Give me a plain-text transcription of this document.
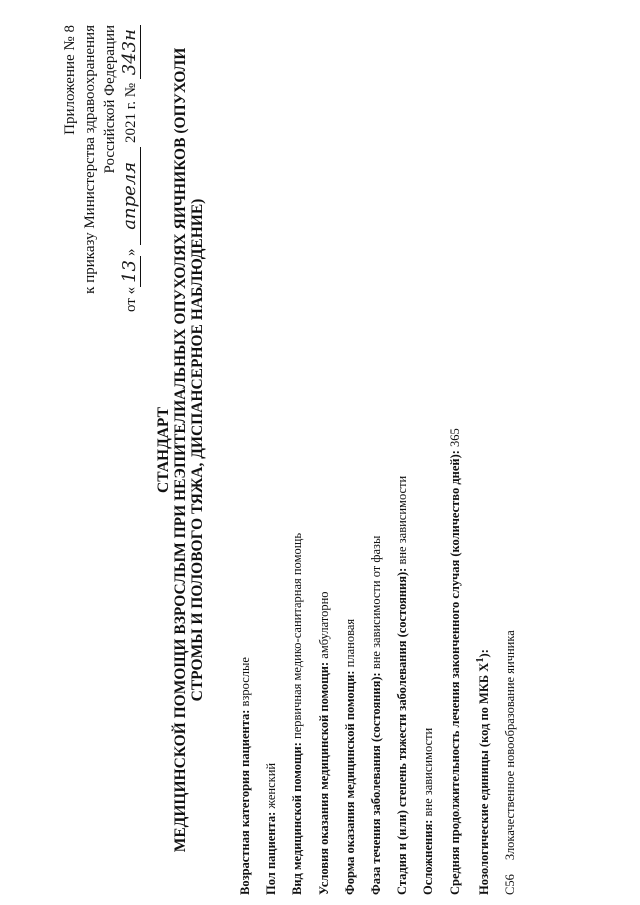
Приложение № 8 к приказу Министерства здравоохранения Российской Федерации
от «13» апреля 2021 г. № 343н
СТАНДАРТ МЕДИЦИНСКОЙ ПОМОЩИ ВЗРОСЛЫМ ПРИ НЕЭПИТЕЛИАЛЬНЫХ ОПУХОЛЯХ ЯИЧНИКОВ (ОПУХОЛИ СТРОМЫ И ПОЛОВОГО ТЯЖА, ДИСПАНСЕРНОЕ НАБЛЮДЕНИЕ)
Возрастная категория пациента: взрослые
Пол пациента: женский Вид медицинской помощи: первичная медико-санитарная помощь
Условия оказания медицинской помощи: амбулаторно
Форма оказания медицинской помощи: плановая
Фаза течения заболевания (состояния): вне зависимости от фазы Стадия и (или) степень тяжести заболевания (состояния): вне зависимости
Осложнения: вне зависимости Средняя продолжительность лечения законченного случая (количество дней): 365
Нозологические единицы (код по МКБ $X^1$):
C56Злокачественное новообразование яичника
